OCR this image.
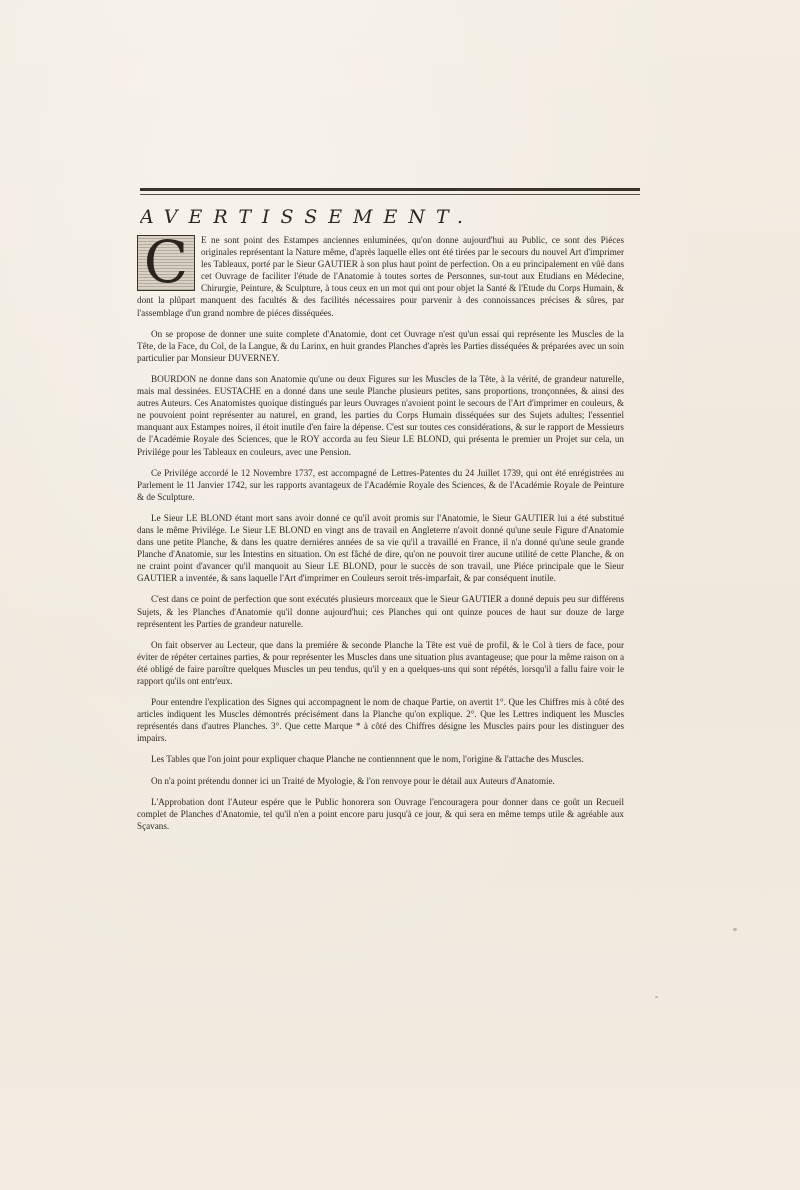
AVERTISSEMENT.

C	E ne sont point des Estampes anciennes enluminées, qu'on donne aujourd'hui au Public, ce sont des Piéces originales représentant la Nature même, d'après laquelle elles ont été tirées par le secours du nouvel Art d'imprimer les Tableaux, porté par le Sieur GAUTIER à son plus haut point de perfection. On a eu principalement en vûë dans cet Ouvrage de faciliter l'étude de l'Anatomie à toutes sortes de Personnes, sur-tout aux Etudians en Médecine, Chirurgie, Peinture, & Sculpture, à tous ceux en un mot qui ont pour objet la Santé & l'Etude du Corps Humain, & dont la plûpart manquent des facultés & des facilités nécessaires pour parvenir à des connoissances précises & sûres, par l'assemblage d'un grand nombre de piéces disséquées.

On se propose de donner une suite complete d'Anatomie, dont cet Ouvrage n'est qu'un essai qui représente les Muscles de la Tête, de la Face, du Col, de la Langue, & du Larinx, en huit grandes Planches d'après les Parties disséquées & préparées avec un soin particulier par Monsieur DUVERNEY.

BOURDON ne donne dans son Anatomie qu'une ou deux Figures sur les Muscles de la Tête, à la vérité, de grandeur naturelle, mais mal dessinées. EUSTACHE en a donné dans une seule Planche plusieurs petites, sans proportions, tronçonnées, & ainsi des autres Auteurs. Ces Anatomistes quoique distingués par leurs Ouvrages n'avoient point le secours de l'Art d'imprimer en couleurs, & ne pouvoient point représenter au naturel, en grand, les parties du Corps Humain disséquées sur des Sujets adultes; l'essentiel manquant aux Estampes noires, il étoit inutile d'en faire la dépense. C'est sur toutes ces considérations, & sur le rapport de Messieurs de l'Académie Royale des Sciences, que le ROY accorda au feu Sieur LE BLOND, qui présenta le premier un Projet sur cela, un Privilége pour les Tableaux en couleurs, avec une Pension.

Ce Privilége accordé le 12 Novembre 1737, est accompagné de Lettres-Patentes du 24 Juillet 1739, qui ont été enrégistrées au Parlement le 11 Janvier 1742, sur les rapports avantageux de l'Académie Royale des Sciences, & de l'Académie Royale de Peinture & de Sculpture.

Le Sieur LE BLOND étant mort sans avoir donné ce qu'il avoit promis sur l'Anatomie, le Sieur GAUTIER lui a été substitué dans le même Privilége. Le Sieur LE BLOND en vingt ans de travail en Angleterre n'avoit donné qu'une seule Figure d'Anatomie dans une petite Planche, & dans les quatre derniéres années de sa vie qu'il a travaillé en France, il n'a donné qu'une seule grande Planche d'Anatomie, sur les Intestins en situation. On est fâché de dire, qu'on ne pouvoit tirer aucune utilité de cette Planche, & on ne craint point d'avancer qu'il manquoit au Sieur LE BLOND, pour le succès de son travail, une Piéce principale que le Sieur GAUTIER a inventée, & sans laquelle l'Art d'imprimer en Couleurs seroit trés-imparfait, & par conséquent inutile.

C'est dans ce point de perfection que sont exécutés plusieurs morceaux que le Sieur GAUTIER a donné depuis peu sur différens Sujets, & les Planches d'Anatomie qu'il donne aujourd'hui; ces Planches qui ont quinze pouces de haut sur douze de large représentent les Parties de grandeur naturelle.

On fait observer au Lecteur, que dans la premiére & seconde Planche la Tête est vuë de profil, & le Col à tiers de face, pour éviter de répéter certaines parties, & pour représenter les Muscles dans une situation plus avantageuse; que pour la même raison on a été obligé de faire paroître quelques Muscles un peu tendus, qu'il y en a quelques-uns qui sont répétés, lorsqu'il a fallu faire voir le rapport qu'ils ont entr'eux.

Pour entendre l'explication des Signes qui accompagnent le nom de chaque Partie, on avertit 1°. Que les Chiffres mis à côté des articles indiquent les Muscles démontrés précisément dans la Planche qu'on explique. 2°. Que les Lettres indiquent les Muscles représentés dans d'autres Planches. 3°. Que cette Marque * à côté des Chiffres désigne les Muscles pairs pour les distinguer des impairs.

Les Tables que l'on joint pour expliquer chaque Planche ne contiennnent que le nom, l'origine & l'attache des Muscles.

On n'a point prétendu donner ici un Traité de Myologie, & l'on renvoye pour le détail aux Auteurs d'Anatomie.

L'Approbation dont l'Auteur espére que le Public honorera son Ouvrage l'encouragera pour donner dans ce goût un Recueil complet de Planches d'Anatomie, tel qu'il n'en a point encore paru jusqu'à ce jour, & qui sera en même temps utile & agréable aux Sçavans.
